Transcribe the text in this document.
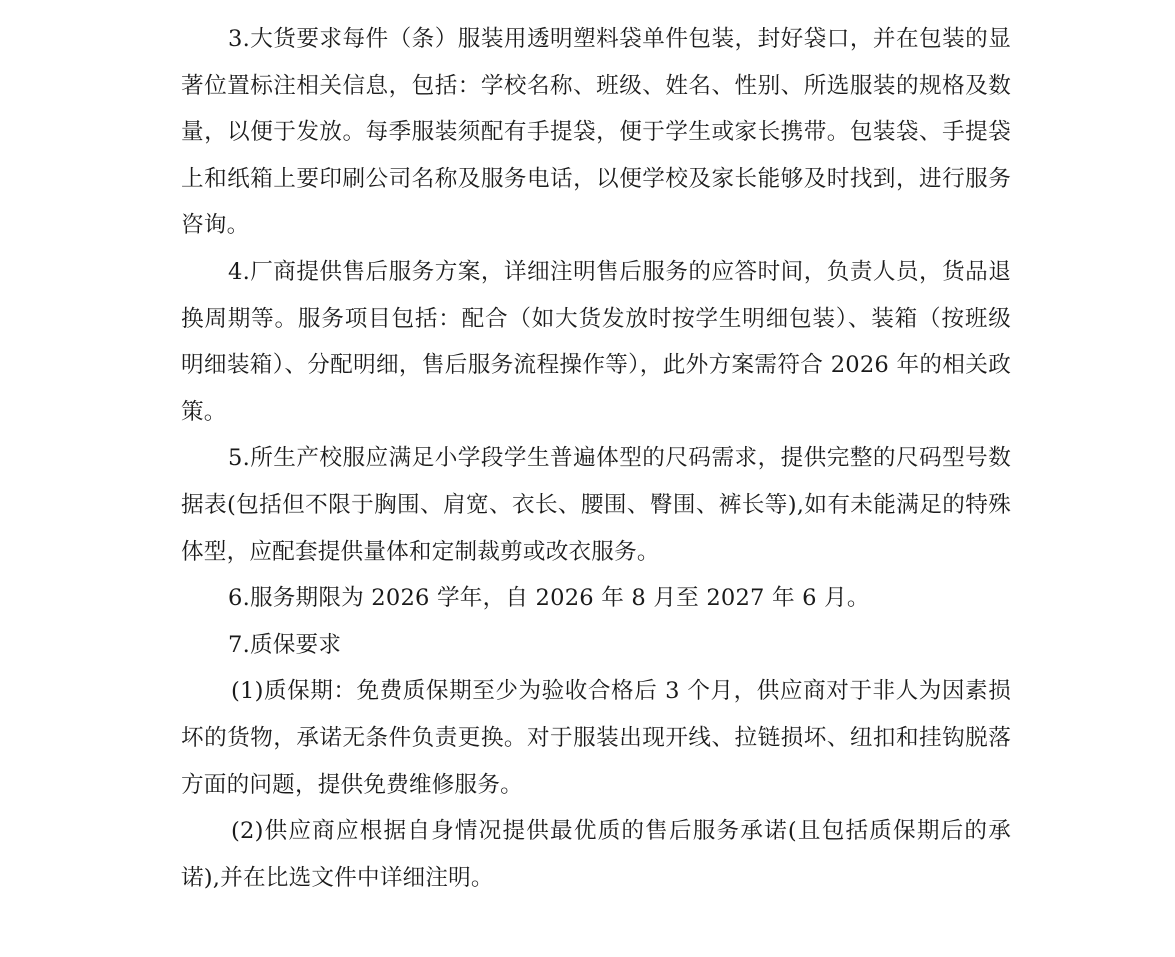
3.大货要求每件（条）服装用透明塑料袋单件包装，封好袋口，并在包装的显著位置标注相关信息，包括：学校名称、班级、姓名、性别、所选服装的规格及数量，以便于发放。每季服装须配有手提袋，便于学生或家长携带。包装袋、手提袋上和纸箱上要印刷公司名称及服务电话，以便学校及家长能够及时找到，进行服务咨询。

4.厂商提供售后服务方案，详细注明售后服务的应答时间，负责人员，货品退换周期等。服务项目包括：配合（如大货发放时按学生明细包装）、装箱（按班级明细装箱）、分配明细，售后服务流程操作等），此外方案需符合 2026 年的相关政策。

5.所生产校服应满足小学段学生普遍体型的尺码需求，提供完整的尺码型号数据表(包括但不限于胸围、肩宽、衣长、腰围、臀围、裤长等),如有未能满足的特殊体型，应配套提供量体和定制裁剪或改衣服务。

6.服务期限为 2026 学年，自 2026 年 8 月至 2027 年 6 月。

7.质保要求

(1)质保期：免费质保期至少为验收合格后 3 个月，供应商对于非人为因素损坏的货物，承诺无条件负责更换。对于服装出现开线、拉链损坏、纽扣和挂钩脱落方面的问题，提供免费维修服务。

(2)供应商应根据自身情况提供最优质的售后服务承诺(且包括质保期后的承诺),并在比选文件中详细注明。
